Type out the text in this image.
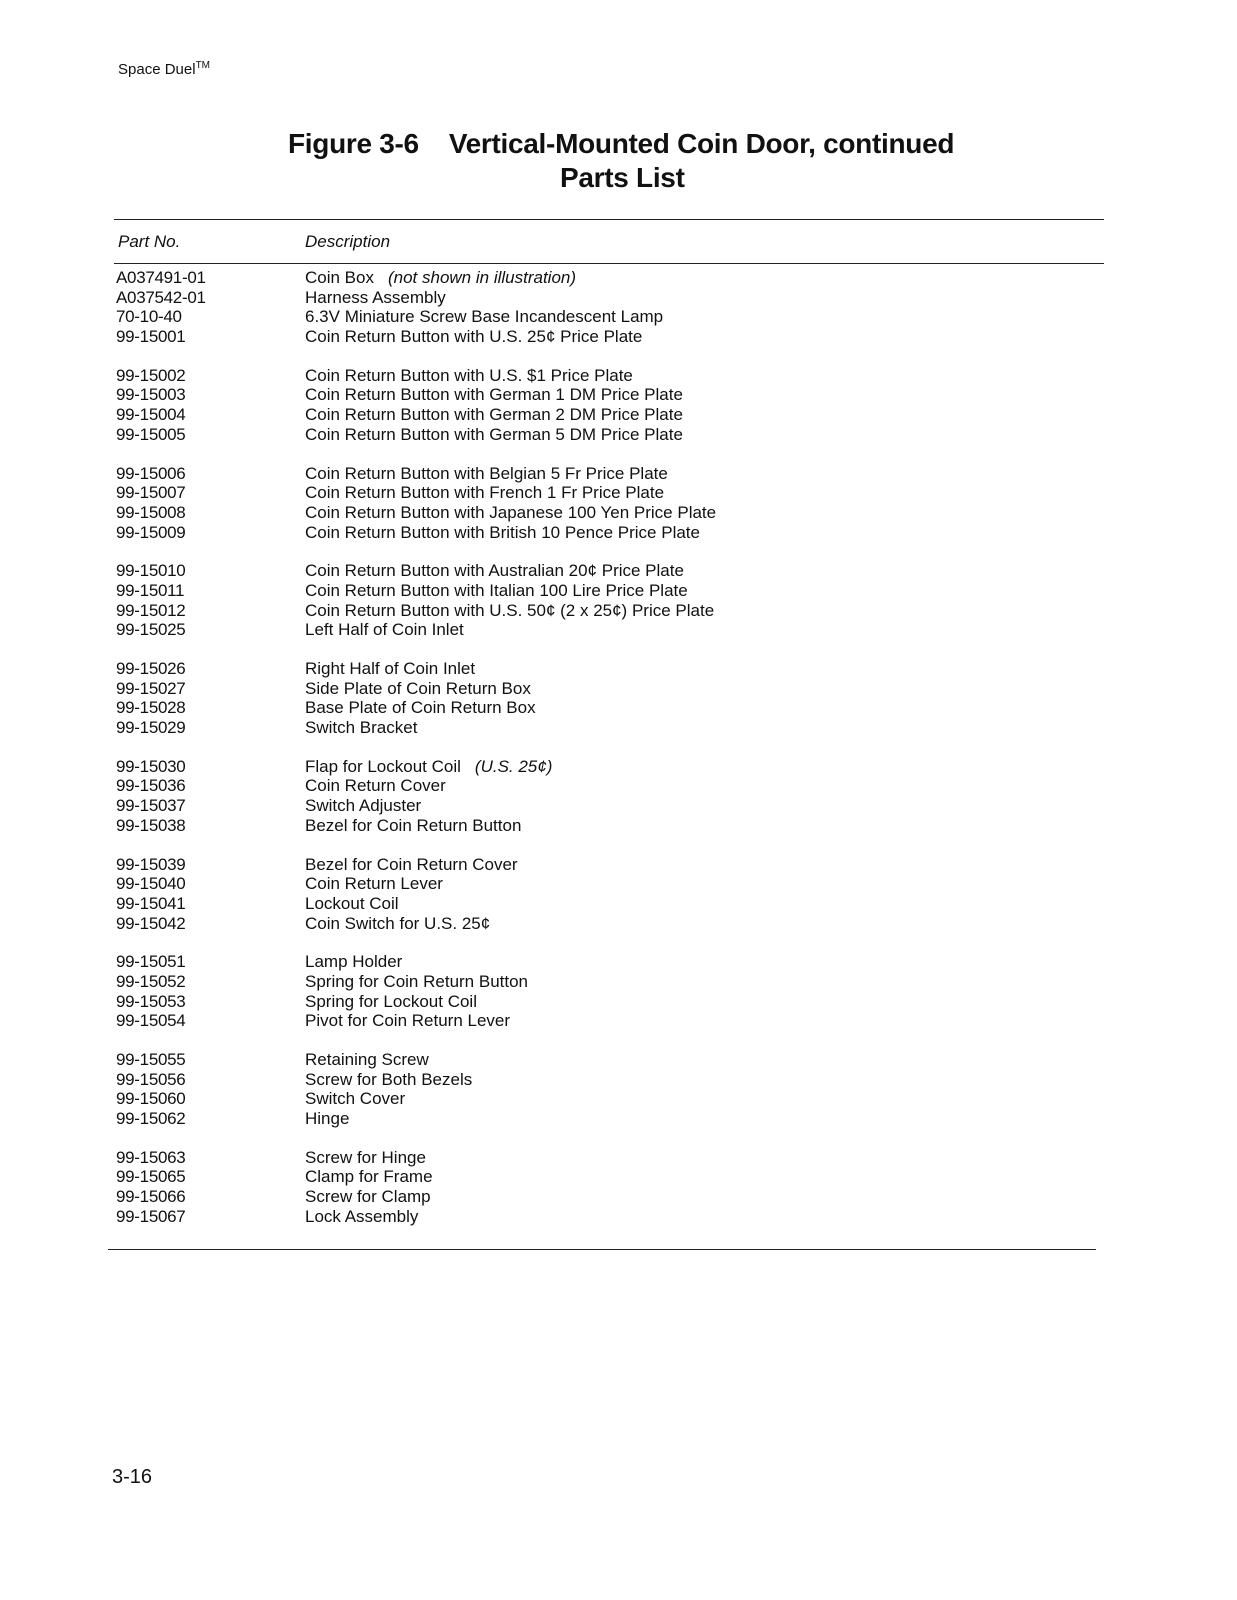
Space Duel™
Figure 3-6 Vertical-Mounted Coin Door, continued
Parts List
Part No.	Description
A037491-01	Coin Box (not shown in illustration)
A037542-01	Harness Assembly
70-10-40	6.3V Miniature Screw Base Incandescent Lamp
99-15001	Coin Return Button with U.S. 25¢ Price Plate
99-15002	Coin Return Button with U.S. $1 Price Plate
99-15003	Coin Return Button with German 1 DM Price Plate
99-15004	Coin Return Button with German 2 DM Price Plate
99-15005	Coin Return Button with German 5 DM Price Plate
99-15006	Coin Return Button with Belgian 5 Fr Price Plate
99-15007	Coin Return Button with French 1 Fr Price Plate
99-15008	Coin Return Button with Japanese 100 Yen Price Plate
99-15009	Coin Return Button with British 10 Pence Price Plate
99-15010	Coin Return Button with Australian 20¢ Price Plate
99-15011	Coin Return Button with Italian 100 Lire Price Plate
99-15012	Coin Return Button with U.S. 50¢ (2 x 25¢) Price Plate
99-15025	Left Half of Coin Inlet
99-15026	Right Half of Coin Inlet
99-15027	Side Plate of Coin Return Box
99-15028	Base Plate of Coin Return Box
99-15029	Switch Bracket
99-15030	Flap for Lockout Coil (U.S. 25¢)
99-15036	Coin Return Cover
99-15037	Switch Adjuster
99-15038	Bezel for Coin Return Button
99-15039	Bezel for Coin Return Cover
99-15040	Coin Return Lever
99-15041	Lockout Coil
99-15042	Coin Switch for U.S. 25¢
99-15051	Lamp Holder
99-15052	Spring for Coin Return Button
99-15053	Spring for Lockout Coil
99-15054	Pivot for Coin Return Lever
99-15055	Retaining Screw
99-15056	Screw for Both Bezels
99-15060	Switch Cover
99-15062	Hinge
99-15063	Screw for Hinge
99-15065	Clamp for Frame
99-15066	Screw for Clamp
99-15067	Lock Assembly
3-16
